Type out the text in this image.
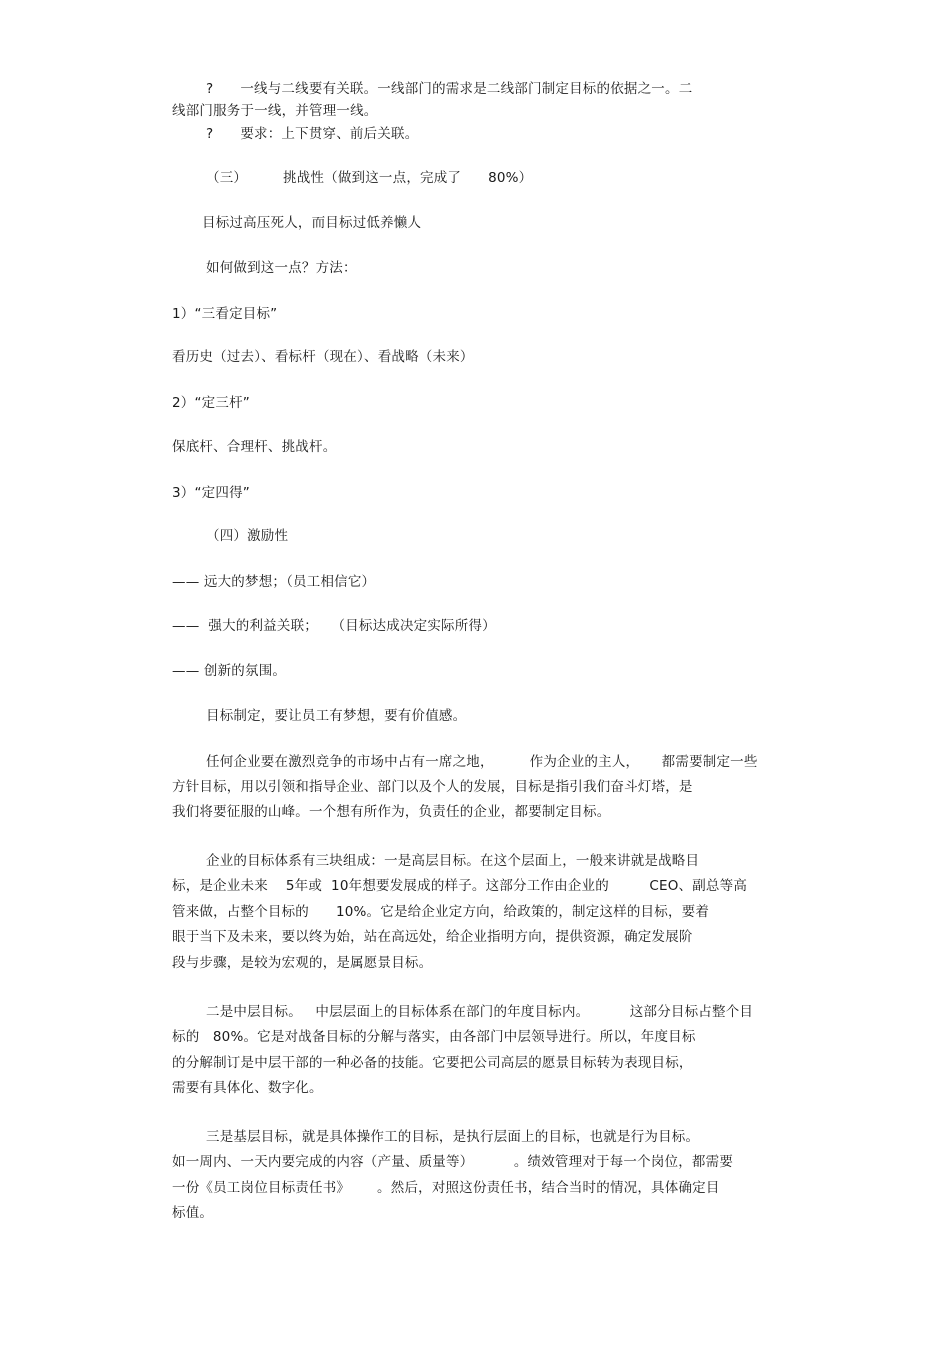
?      一线与二线要有关联。一线部门的需求是二线部门制定目标的依据之一。二
线部门服务于一线，并管理一线。
?      要求：上下贯穿、前后关联。
（三）        挑战性（做到这一点，完成了      80%）
目标过高压死人，而目标过低养懒人
如何做到这一点？方法：
1）“三看定目标”
看历史（过去）、看标杆（现在）、看战略（未来）
2）“定三杆”
保底杆、合理杆、挑战杆。
3）“定四得”
（四）激励性
—— 远大的梦想；（员工相信它）
——  强大的利益关联；   （目标达成决定实际所得）
—— 创新的氛围。
目标制定，要让员工有梦想，要有价值感。
任何企业要在激烈竞争的市场中占有一席之地，        作为企业的主人，     都需要制定一些
方针目标，用以引领和指导企业、部门以及个人的发展，目标是指引我们奋斗灯塔，是
我们将要征服的山峰。一个想有所作为，负责任的企业，都要制定目标。
企业的目标体系有三块组成：一是高层目标。在这个层面上，一般来讲就是战略目
标，是企业未来    5年或  10年想要发展成的样子。这部分工作由企业的         CEO、副总等高
管来做，占整个目标的      10%。它是给企业定方向，给政策的，制定这样的目标，要着
眼于当下及未来，要以终为始，站在高远处，给企业指明方向，提供资源，确定发展阶
段与步骤，是较为宏观的，是属愿景目标。
二是中层目标。   中层层面上的目标体系在部门的年度目标内。         这部分目标占整个目
标的   80%。它是对战备目标的分解与落实，由各部门中层领导进行。所以，年度目标
的分解制订是中层干部的一种必备的技能。它要把公司高层的愿景目标转为表现目标，
需要有具体化、数字化。
三是基层目标，就是具体操作工的目标，是执行层面上的目标，也就是行为目标。
如一周内、一天内要完成的内容（产量、质量等）         。绩效管理对于每一个岗位，都需要
一份《员工岗位目标责任书》      。然后，对照这份责任书，结合当时的情况，具体确定目
标值。
